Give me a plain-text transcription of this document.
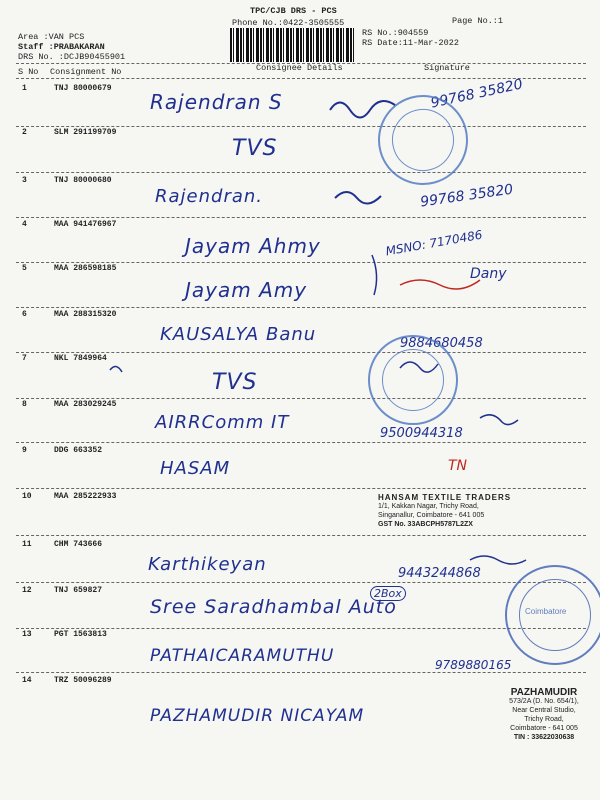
TPC/CJB DRS - PCS
Phone No.:0422-3505555	Page No.:1
Area :VAN PCS
Staff :PRABAKARAN
DRS No. :DCJB90455901
RS No.:904559
RS Date:11-Mar-2022
S No Consignment No	Consignee Details	Signature
1	TNJ 80000679
Rajendran S	99768 35820
2	SLM 291199709
TVS
3	TNJ 80000680
Rajendran.	99768 35820
4	MAA 941476967
Jayam Ahmy	MSNO: 7170486
5	MAA 286598185
Jayam Amy
Dany
6	MAA 288315320
KAUSALYA Banu	9884680458
7	NKL 7849964
TVS
8	MAA 283029245
AIRRComm IT
9500944318
9	DDG 663352
HASAM	TN
10	MAA 285222933
11	CHM 743666
Karthikeyan	9443244868
12	TNJ 659827
Sree Saradhambal Auto
2Box
13	PGT 1563813
PATHAICARAMUTHU	9789880165
14	TRZ 50096289
PAZHAMUDIR NICAYAM
Coimbatore
HANSAM TEXTILE TRADERS
1/1, Kakkan Nagar, Trichy Road,
Singanallur, Coimbatore - 641 005
GST No. 33ABCPH5787L2ZX
PAZHAMUDIR
573/2A (D. No. 654/1),
Near Central Studio,
Trichy Road,
Coimbatore - 641 005
TIN : 33622030638
